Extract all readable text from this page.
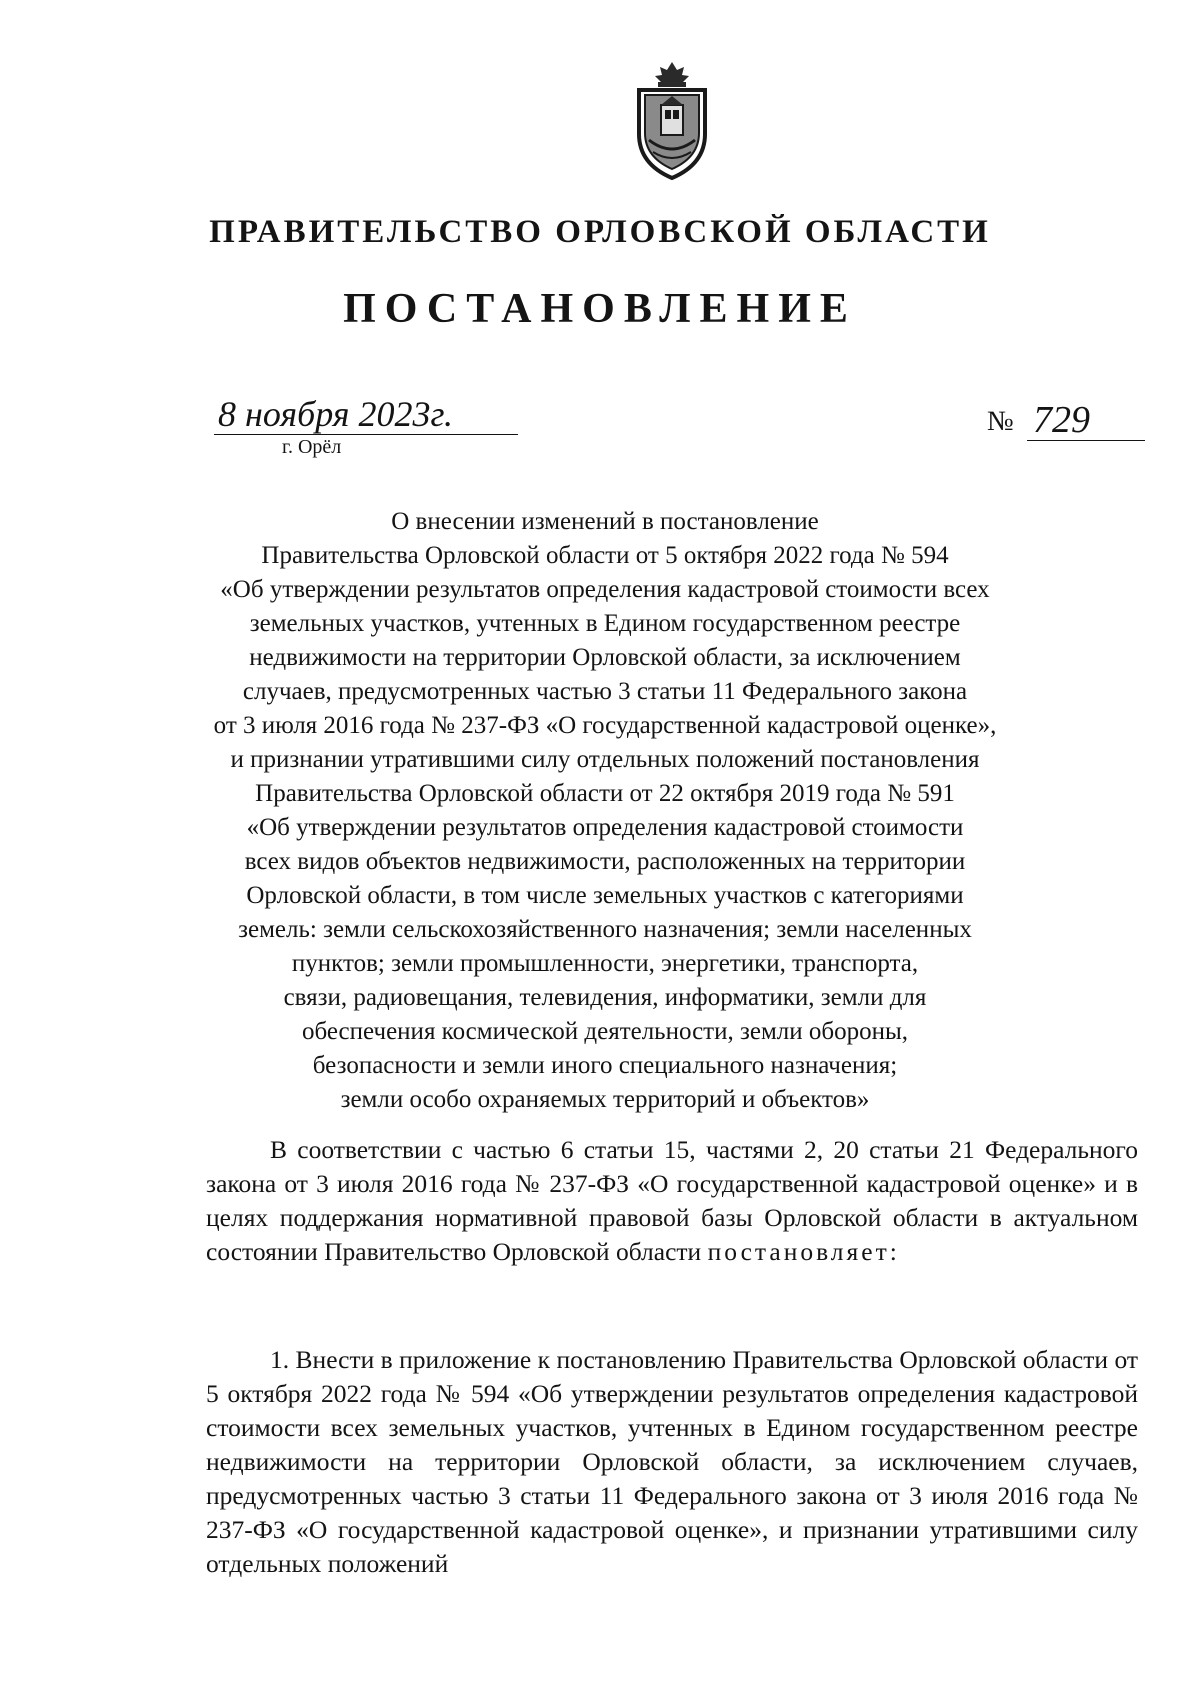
ПРАВИТЕЛЬСТВО ОРЛОВСКОЙ ОБЛАСТИ
ПОСТАНОВЛЕНИЕ
8 ноября 2023г.
г. Орёл
№ 729
О внесении изменений в постановление
Правительства Орловской области от 5 октября 2022 года № 594
«Об утверждении результатов определения кадастровой стоимости всех
земельных участков, учтенных в Едином государственном реестре
недвижимости на территории Орловской области, за исключением
случаев, предусмотренных частью 3 статьи 11 Федерального закона
от 3 июля 2016 года № 237-ФЗ «О государственной кадастровой оценке»,
и признании утратившими силу отдельных положений постановления
Правительства Орловской области от 22 октября 2019 года № 591
«Об утверждении результатов определения кадастровой стоимости
всех видов объектов недвижимости, расположенных на территории
Орловской области, в том числе земельных участков с категориями
земель: земли сельскохозяйственного назначения; земли населенных
пунктов; земли промышленности, энергетики, транспорта,
связи, радиовещания, телевидения, информатики, земли для
обеспечения космической деятельности, земли обороны,
безопасности и земли иного специального назначения;
земли особо охраняемых территорий и объектов»
В соответствии с частью 6 статьи 15, частями 2, 20 статьи 21 Федерального закона от 3 июля 2016 года № 237-ФЗ «О государственной кадастровой оценке» и в целях поддержания нормативной правовой базы Орловской области в актуальном состоянии Правительство Орловской области постановляет:
1. Внести в приложение к постановлению Правительства Орловской области от 5 октября 2022 года № 594 «Об утверждении результатов определения кадастровой стоимости всех земельных участков, учтенных в Едином государственном реестре недвижимости на территории Орловской области, за исключением случаев, предусмотренных частью 3 статьи 11 Федерального закона от 3 июля 2016 года № 237-ФЗ «О государственной кадастровой оценке», и признании утратившими силу отдельных положений
